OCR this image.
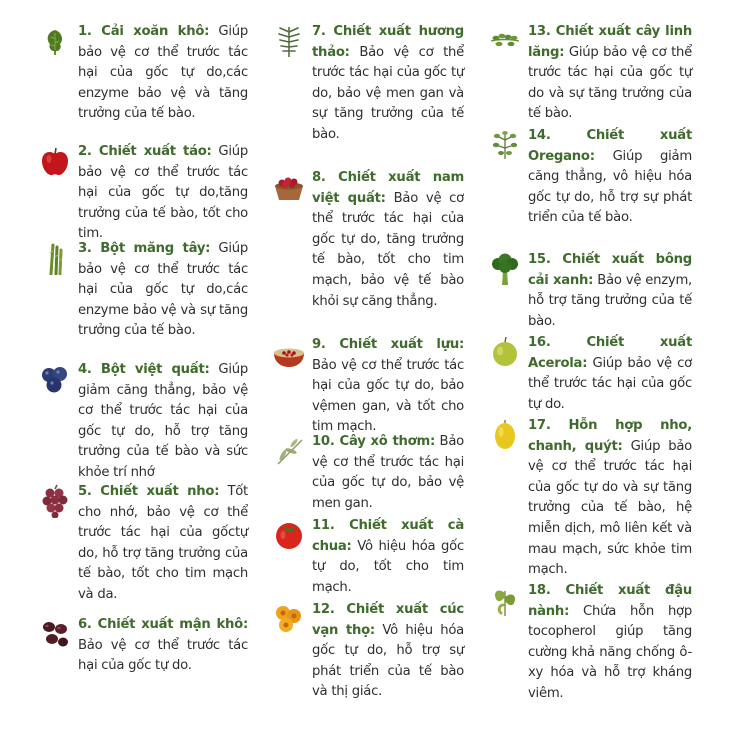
1. Cải xoăn khô: Giúp bảo vệ cơ thể trước tác hại của gốc tự do,các enzyme bảo vệ và tăng trưởng của tế bào.
2. Chiết xuất táo: Giúp bảo vệ cơ thể trước tác hại của gốc tự do,tăng trưởng của tế bào, tốt cho tim.
3. Bột măng tây: Giúp bảo vệ cơ thể trước tác hại của gốc tự do,các enzyme bảo vệ và sự tăng trưởng của tế bào.
4. Bột việt quất: Giúp giảm căng thẳng, bảo vệ cơ thể trước tác hại của gốc tự do, hỗ trợ tăng trưởng của tế bào và sức khỏe trí nhớ
5. Chiết xuất nho: Tốt cho nhớ, bảo vệ cơ thể trước tác hại của gốctự do, hỗ trợ tăng trưởng của tế bào, tốt cho tim mạch và da.
6. Chiết xuất mận khô: Bảo vệ cơ thể trước tác hại của gốc tự do.
7. Chiết xuất hương thảo: Bảo vệ cơ thể trước tác hại của gốc tự do, bảo vệ men gan và sự tăng trưởng của tế bào.
8. Chiết xuất nam việt quất: Bảo vệ cơ thể trước tác hại của gốc tự do, tăng trưởng tế bào, tốt cho tim mạch, bảo vệ tế bào khỏi sự căng thẳng.
9. Chiết xuất lựu: Bảo vệ cơ thể trước tác hại của gốc tự do, bảo vệmen gan, và tốt cho tim mạch.
10. Cây xô thơm: Bảo vệ cơ thể trước tác hại của gốc tự do, bảo vệ men gan.
11. Chiết xuất cà chua: Vô hiệu hóa gốc tự do, tốt cho tim mạch.
12. Chiết xuất cúc vạn thọ: Vô hiệu hóa gốc tự do, hỗ trợ sự phát triển của tế bào và thị giác.
13. Chiết xuất cây linh lăng: Giúp bảo vệ cơ thể trước tác hại của gốc tự do và sự tăng trưởng của tế bào.
14. Chiết xuất Oregano: Giúp giảm căng thẳng, vô hiệu hóa gốc tự do, hỗ trợ sự phát triển của tế bào.
15. Chiết xuất bông cải xanh: Bảo vệ enzym, hỗ trợ tăng trưởng của tế bào.
16. Chiết xuất Acerola: Giúp bảo vệ cơ thể trước tác hại của gốc tự do.
17. Hỗn hợp nho, chanh, quýt: Giúp bảo vệ cơ thể trước tác hại của gốc tự do và sự tăng trưởng của tế bào, hệ miễn dịch, mô liên kết và mau mạch, sức khỏe tim mạch.
18. Chiết xuất đậu nành: Chứa hỗn hợp tocopherol giúp tăng cường khả năng chống ô-xy hóa và hỗ trợ kháng viêm.
